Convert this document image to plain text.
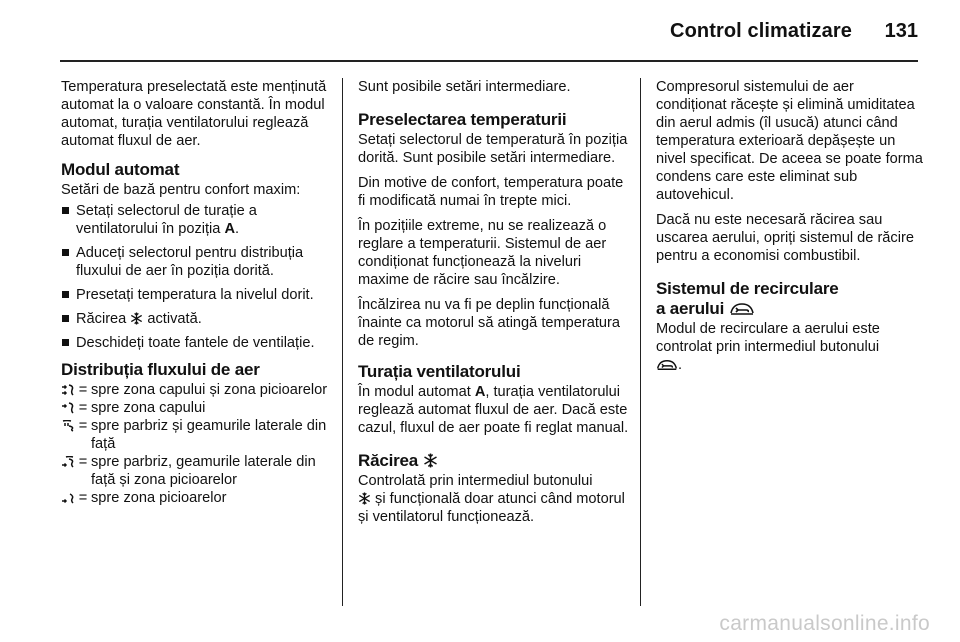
Control climatizare 131

Temperatura preselectată este menținută automat la o valoare constantă. În modul automat, turația ventilatorului reglează automat fluxul de aer.

Modul automat

Setări de bază pentru confort maxim:

Setați selectorul de turație a ventilatorului în poziția A.
Aduceți selectorul pentru distribuția fluxului de aer în poziția dorită.
Presetați temperatura la nivelul dorit.
Răcirea  activată.
Deschideți toate fantele de ventilație.
Distribuția fluxului de aer
= spre zona capului și zona picioarelor
= spre zona capului
= spre parbriz și geamurile laterale din față
= spre parbriz, geamurile laterale din față și zona picioarelor
= spre zona picioarelor

Sunt posibile setări intermediare.

Preselectarea temperaturii

Setați selectorul de temperatură în poziția dorită. Sunt posibile setări intermediare.

Din motive de confort, temperatura poate fi modificată numai în trepte mici.

În pozițiile extreme, nu se realizează o reglare a temperaturii. Sistemul de aer condiționat funcționează la niveluri maxime de răcire sau încălzire.

Încălzirea nu va fi pe deplin funcțională înainte ca motorul să atingă temperatura de regim.

Turația ventilatorului

În modul automat A, turația ventilatorului reglează automat fluxul de aer. Dacă este cazul, fluxul de aer poate fi reglat manual.

Răcirea

Controlată prin intermediul butonului
și funcțională doar atunci când motorul și ventilatorul funcționează.

Compresorul sistemului de aer condiționat răcește și elimină umiditatea din aerul admis (îl usucă) atunci când temperatura exterioară depășește un nivel specificat. De aceea se poate forma condens care este eliminat sub autovehicul.

Dacă nu este necesară răcirea sau uscarea aerului, opriți sistemul de răcire pentru a economisi combustibil.

Sistemul de recirculare
a aerului

Modul de recirculare a aerului este controlat prin intermediul butonului
.

carmanualsonline.info
